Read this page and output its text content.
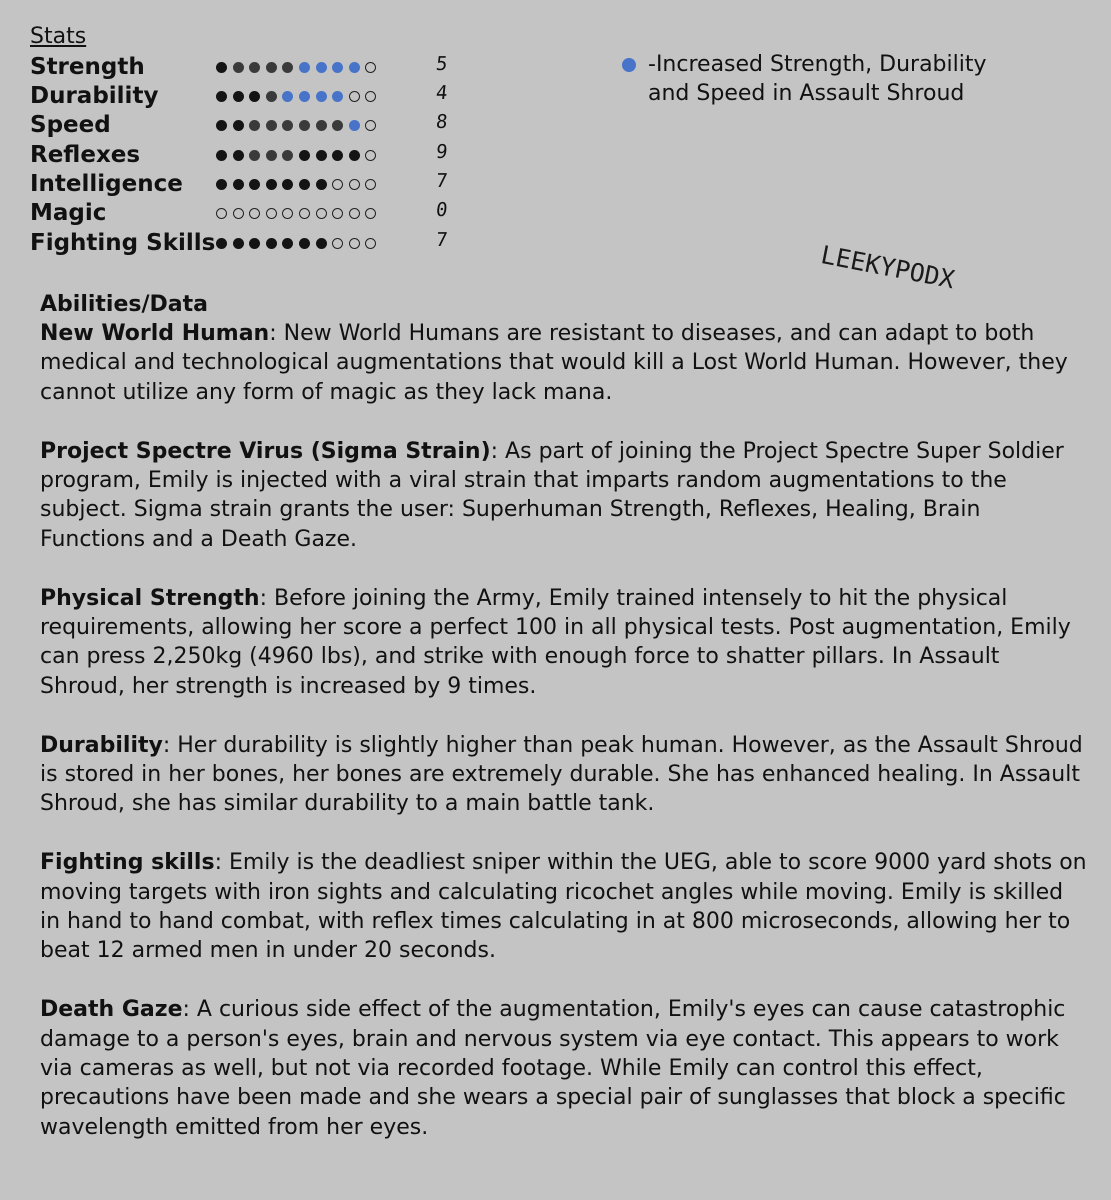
Stats
Strength	5
Durability	4
Speed	8
Reflexes	9
Intelligence	7
Magic	0
Fighting Skills	7
-Increased Strength, Durability
and Speed in Assault Shroud
LEEKYPODX
Abilities/Data

New World Human: New World Humans are resistant to diseases, and can adapt to both medical and technological augmentations that would kill a Lost World Human. However, they cannot utilize any form of magic as they lack mana.

Project Spectre Virus (Sigma Strain): As part of joining the Project Spectre Super Soldier program, Emily is injected with a viral strain that imparts random augmentations to the subject. Sigma strain grants the user: Superhuman Strength, Reflexes, Healing, Brain Functions and a Death Gaze.

Physical Strength: Before joining the Army, Emily trained intensely to hit the physical requirements, allowing her score a perfect 100 in all physical tests. Post augmentation, Emily can press 2,250kg (4960 lbs), and strike with enough force to shatter pillars. In Assault Shroud, her strength is increased by 9 times.

Durability: Her durability is slightly higher than peak human. However, as the Assault Shroud is stored in her bones, her bones are extremely durable. She has enhanced healing. In Assault Shroud, she has similar durability to a main battle tank.

Fighting skills: Emily is the deadliest sniper within the UEG, able to score 9000 yard shots on moving targets with iron sights and calculating ricochet angles while moving. Emily is skilled in hand to hand combat, with reflex times calculating in at 800 microseconds, allowing her to beat 12 armed men in under 20 seconds.

Death Gaze: A curious side effect of the augmentation, Emily's eyes can cause catastrophic damage to a person's eyes, brain and nervous system via eye contact. This appears to work via cameras as well, but not via recorded footage. While Emily can control this effect, precautions have been made and she wears a special pair of sunglasses that block a specific wavelength emitted from her eyes.
